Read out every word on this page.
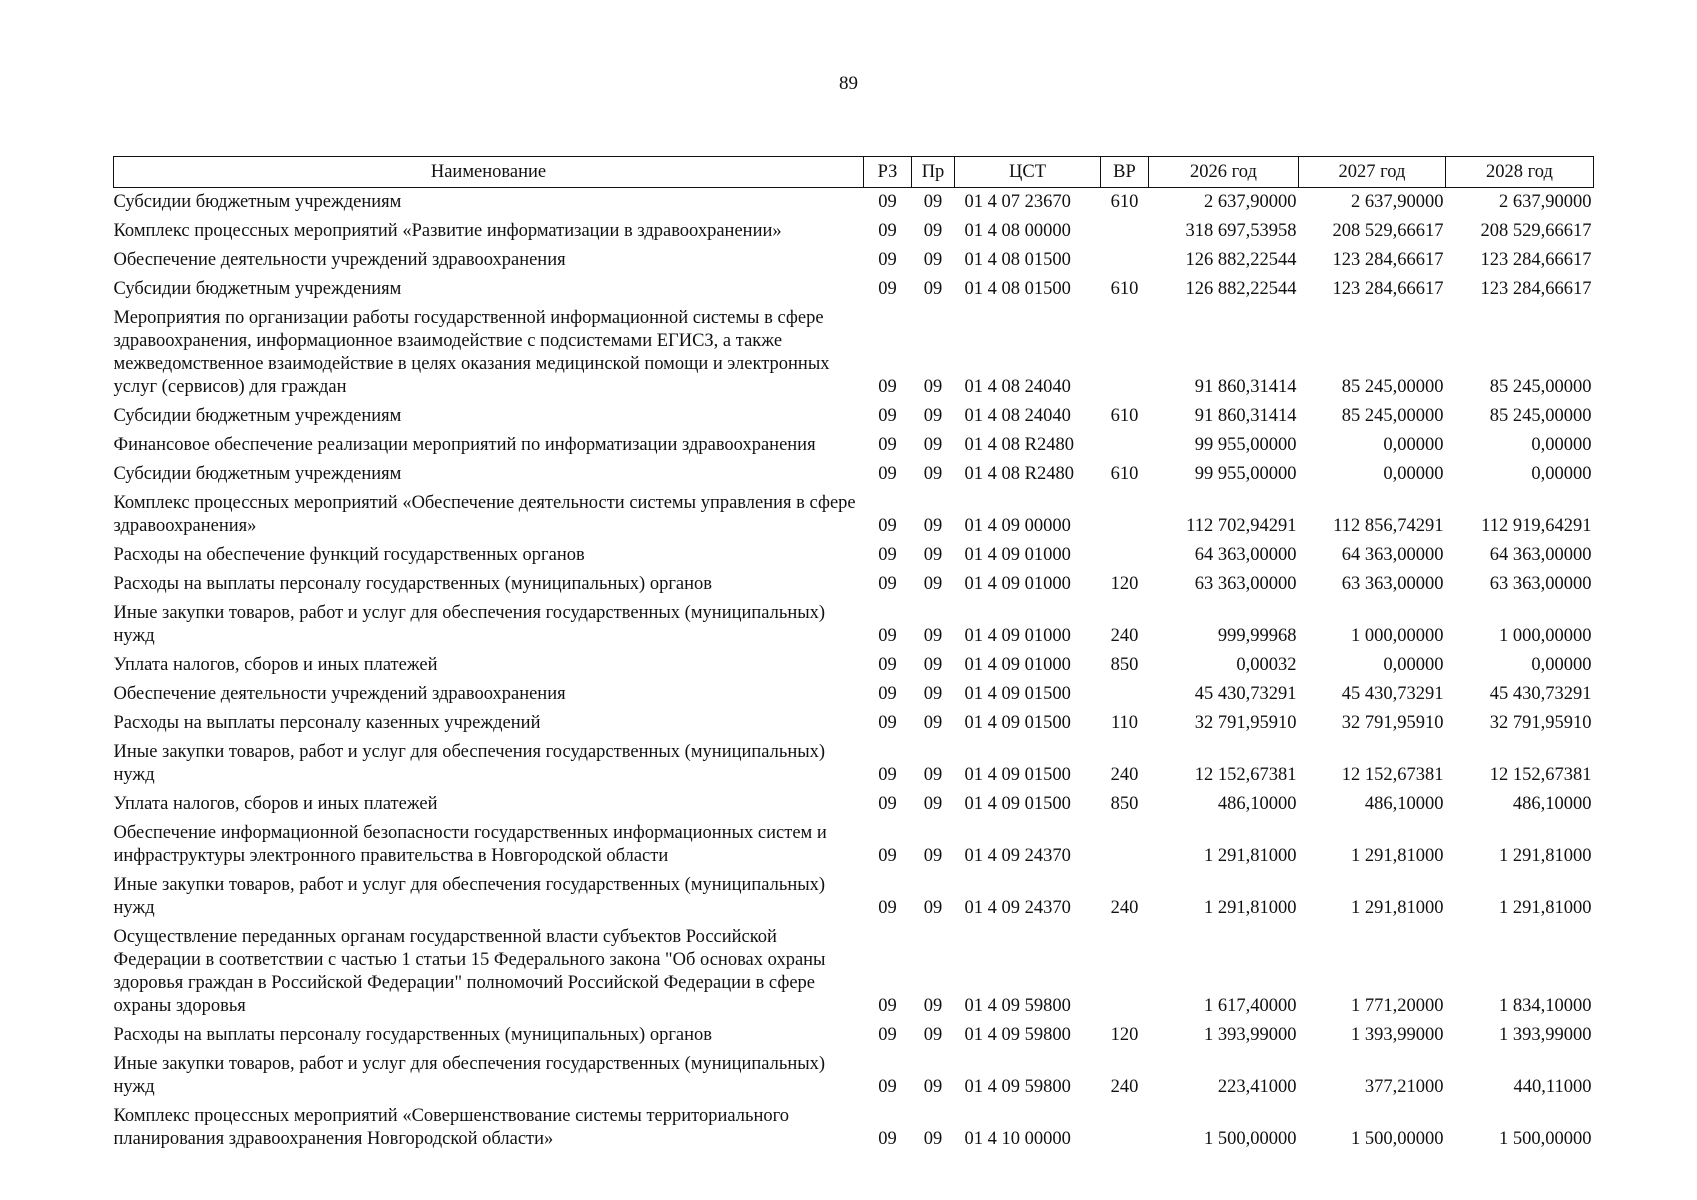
89
Наименование	РЗ	Пр	ЦСТ	ВР	2026 год	2027 год	2028 год
Субсидии бюджетным учреждениям	09	09	01 4 07 23670	610	2 637,90000	2 637,90000	2 637,90000
Комплекс процессных мероприятий «Развитие информатизации в здравоохранении»	09	09	01 4 08 00000		318 697,53958	208 529,66617	208 529,66617
Обеспечение деятельности учреждений здравоохранения	09	09	01 4 08 01500		126 882,22544	123 284,66617	123 284,66617
Субсидии бюджетным учреждениям	09	09	01 4 08 01500	610	126 882,22544	123 284,66617	123 284,66617
Мероприятия по организации работы государственной информационной системы в сфере здравоохранения, информационное взаимодействие с подсистемами ЕГИСЗ, а также межведомственное взаимодействие в целях оказания медицинской помощи и электронных услуг (сервисов) для граждан	09	09	01 4 08 24040		91 860,31414	85 245,00000	85 245,00000
Субсидии бюджетным учреждениям	09	09	01 4 08 24040	610	91 860,31414	85 245,00000	85 245,00000
Финансовое обеспечение реализации мероприятий по информатизации здравоохранения	09	09	01 4 08 R2480		99 955,00000	0,00000	0,00000
Субсидии бюджетным учреждениям	09	09	01 4 08 R2480	610	99 955,00000	0,00000	0,00000
Комплекс процессных мероприятий «Обеспечение деятельности системы управления в сфере здравоохранения»	09	09	01 4 09 00000		112 702,94291	112 856,74291	112 919,64291
Расходы на обеспечение функций государственных органов	09	09	01 4 09 01000		64 363,00000	64 363,00000	64 363,00000
Расходы на выплаты персоналу государственных (муниципальных) органов	09	09	01 4 09 01000	120	63 363,00000	63 363,00000	63 363,00000
Иные закупки товаров, работ и услуг для обеспечения государственных (муниципальных) нужд	09	09	01 4 09 01000	240	999,99968	1 000,00000	1 000,00000
Уплата налогов, сборов и иных платежей	09	09	01 4 09 01000	850	0,00032	0,00000	0,00000
Обеспечение деятельности учреждений здравоохранения	09	09	01 4 09 01500		45 430,73291	45 430,73291	45 430,73291
Расходы на выплаты персоналу казенных учреждений	09	09	01 4 09 01500	110	32 791,95910	32 791,95910	32 791,95910
Иные закупки товаров, работ и услуг для обеспечения государственных (муниципальных) нужд	09	09	01 4 09 01500	240	12 152,67381	12 152,67381	12 152,67381
Уплата налогов, сборов и иных платежей	09	09	01 4 09 01500	850	486,10000	486,10000	486,10000
Обеспечение информационной безопасности государственных информационных систем и инфраструктуры электронного правительства в Новгородской области	09	09	01 4 09 24370		1 291,81000	1 291,81000	1 291,81000
Иные закупки товаров, работ и услуг для обеспечения государственных (муниципальных) нужд	09	09	01 4 09 24370	240	1 291,81000	1 291,81000	1 291,81000
Осуществление переданных органам государственной власти субъектов Российской Федерации в соответствии с частью 1 статьи 15 Федерального закона "Об основах охраны здоровья граждан в Российской Федерации" полномочий Российской Федерации в сфере охраны здоровья	09	09	01 4 09 59800		1 617,40000	1 771,20000	1 834,10000
Расходы на выплаты персоналу государственных (муниципальных) органов	09	09	01 4 09 59800	120	1 393,99000	1 393,99000	1 393,99000
Иные закупки товаров, работ и услуг для обеспечения государственных (муниципальных) нужд	09	09	01 4 09 59800	240	223,41000	377,21000	440,11000
Комплекс процессных мероприятий «Совершенствование системы территориального планирования здравоохранения Новгородской области»	09	09	01 4 10 00000		1 500,00000	1 500,00000	1 500,00000
